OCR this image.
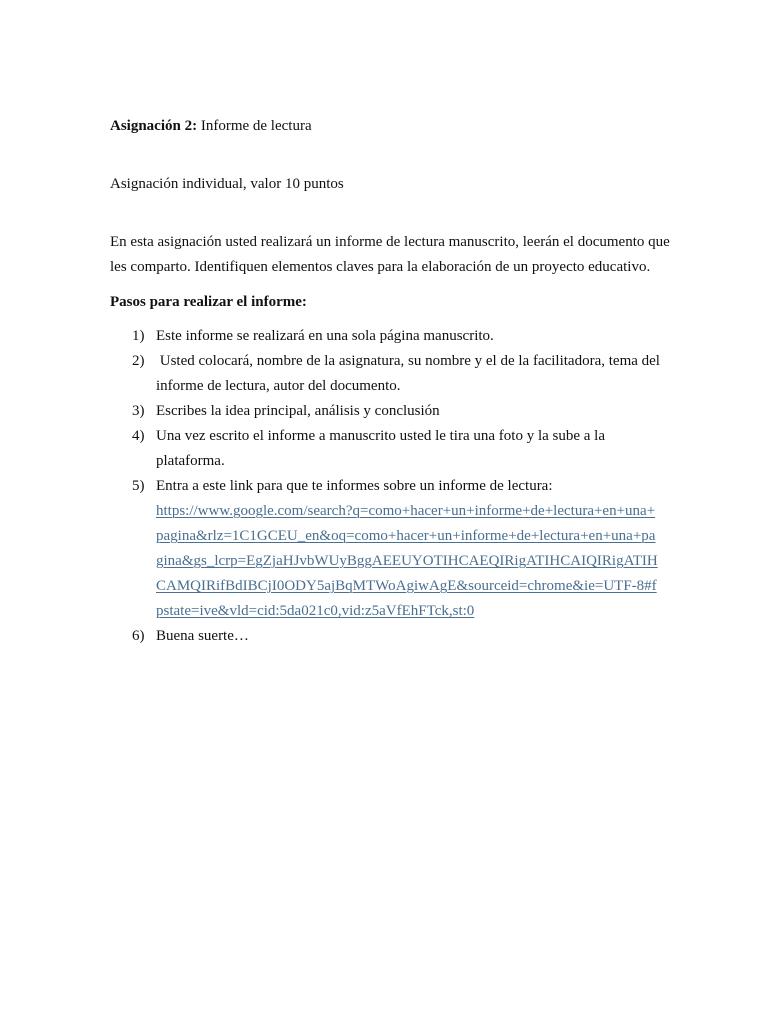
Asignación 2: Informe de lectura

Asignación individual, valor 10 puntos

En esta asignación usted realizará un informe de lectura manuscrito, leerán el documento que les comparto. Identifiquen elementos claves para la elaboración de un proyecto educativo.

Pasos para realizar el informe:

1) Este informe se realizará en una sola página manuscrito.
2) Usted colocará, nombre de la asignatura, su nombre y el de la facilitadora, tema del informe de lectura, autor del documento.
3) Escribes la idea principal, análisis y conclusión
4) Una vez escrito el informe a manuscrito usted le tira una foto y la sube a la plataforma.
5) Entra a este link para que te informes sobre un informe de lectura:
https://www.google.com/search?q=como+hacer+un+informe+de+lectura+en+una+pagina&rlz=1C1GCEU_en&oq=como+hacer+un+informe+de+lectura+en+una+pagina&gs_lcrp=EgZjaHJvbWUyBggAEEUYOTIHCAEQIRigATIHCAIQIRigATIHCAMQIRifBdIBCjI0ODY5ajBqMTWoAgiwAgE&sourceid=chrome&ie=UTF-8#fpstate=ive&vld=cid:5da021c0,vid:z5aVfEhFTck,st:0
6) Buena suerte…
